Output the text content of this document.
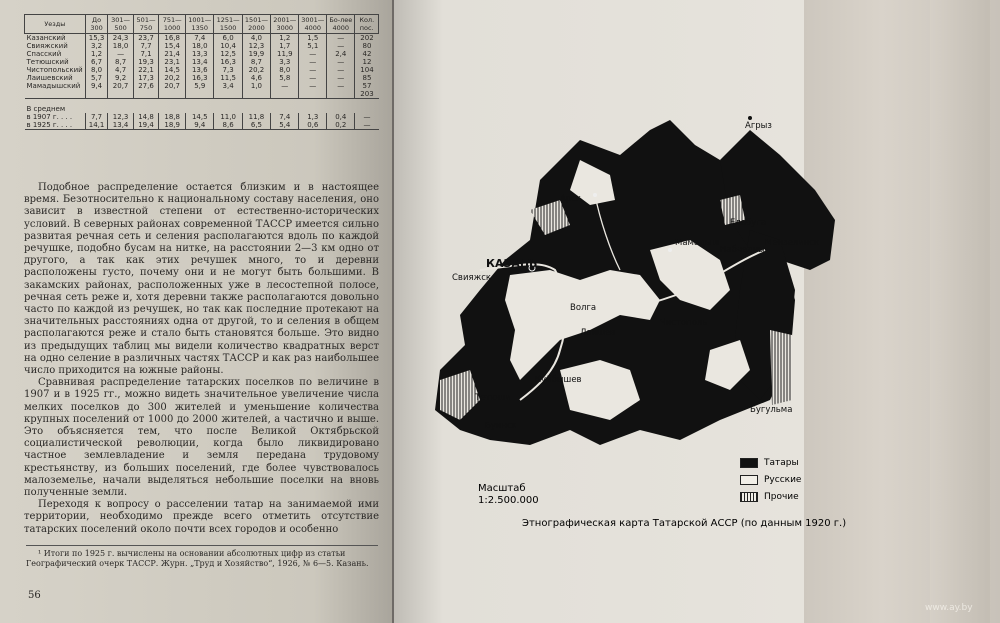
Уезды	До 300	301—500	501—750	751—1000	1001—1350	1251—1500	1501—2000	2001—3000	3001—4000	Бо-лее 4000	Кол. пос.
Казанский	15,3	24,3	23,7	16,8	7,4	6,0	4,0	1,2	1,5	—	202
Свияжский	3,2	18,0	7,7	15,4	18,0	10,4	12,3	1,7	5,1	—	80
Спасский	1,2	—	7,1	21,4	13,3	12,5	19,9	11,9	—	2,4	42
Тетюшский	6,7	8,7	19,3	23,1	13,4	16,3	8,7	3,3	—	—	12
Чистопольский	8,0	4,7	22,1	14,5	13,6	7,3	20,2	8,0	—	—	104
Лаишевский	5,7	9,2	17,3	20,2	16,3	11,5	4,6	5,8	—	—	85
Мамадышский	9,4	20,7	27,6	20,7	5,9	3,4	1,0	—	—	—	57
											203
В среднем											
в 1907 г. . . .	7,7	12,3	14,8	18,8	14,5	11,0	11,8	7,4	1,3	0,4	—
в 1925 г. . . .	14,1	13,4	19,4	18,9	9,4	8,6	6,5	5,4	0,6	0,2	—

Подобное распределение остается близким и в настоящее время. Безотносительно к национальному составу населения, оно зависит в известной степени от естественно-исторических условий. В северных районах современной ТАССР имеется сильно развитая речная сеть и селения располагаются вдоль по каждой речушке, подобно бусам на нитке, на расстоянии 2—3 км одно от другого, а так как этих речушек много, то и деревни расположены густо, почему они и не могут быть большими. В закамских районах, расположенных уже в лесостепной полосе, речная сеть реже и, хотя деревни также располагаются довольно часто по каждой из речушек, но так как последние протекают на значительных расстояниях одна от другой, то и селения в общем располагаются реже и стало быть становятся больше. Это видно из предыдущих таблиц мы видели количество квадратных верст на одно селение в различных частях ТАССР и как раз наибольшее число приходится на южные районы.

Сравнивая распределение татарских поселков по величине в 1907 и в 1925 гг., можно видеть значительное увеличение числа мелких поселков до 300 жителей и уменьшение количества крупных поселений от 1000 до 2000 жителей, а частично и выше. Это объясняется тем, что после Великой Октябрьской социалистической революции, когда было ликвидировано частное землевладение и земля передана трудовому крестьянству, из больших поселений, где более чувствовалось малоземелье, начали выделяться небольшие поселки на вновь полученные земли.

Переходя к вопросу о расселении татар на занимаемой ими территории, необходимо прежде всего отметить отсутствие татарских поселений около почти всех городов и особенно

¹ Итоги по 1925 г. вычислены на основании абсолютных цифр из статьи Географический очерк ТАССР. Журн. „Труд и Хозяйство“, 1926, № 6—5. Казань.
56
КАЗАНЬ
Арск
Свияжск
Волга
Лаишев
Чистополь
Куйбышев
Тетюши
Буинск
Мамадыш
Елабуга
Агрыз
Мензелинск
Набчелны
Бугульма
Татары
Русские
Прочие
Масштаб
1:2.500.000
Этнографическая карта Татарской АССР (по данным 1920 г.)
www.ay.by
